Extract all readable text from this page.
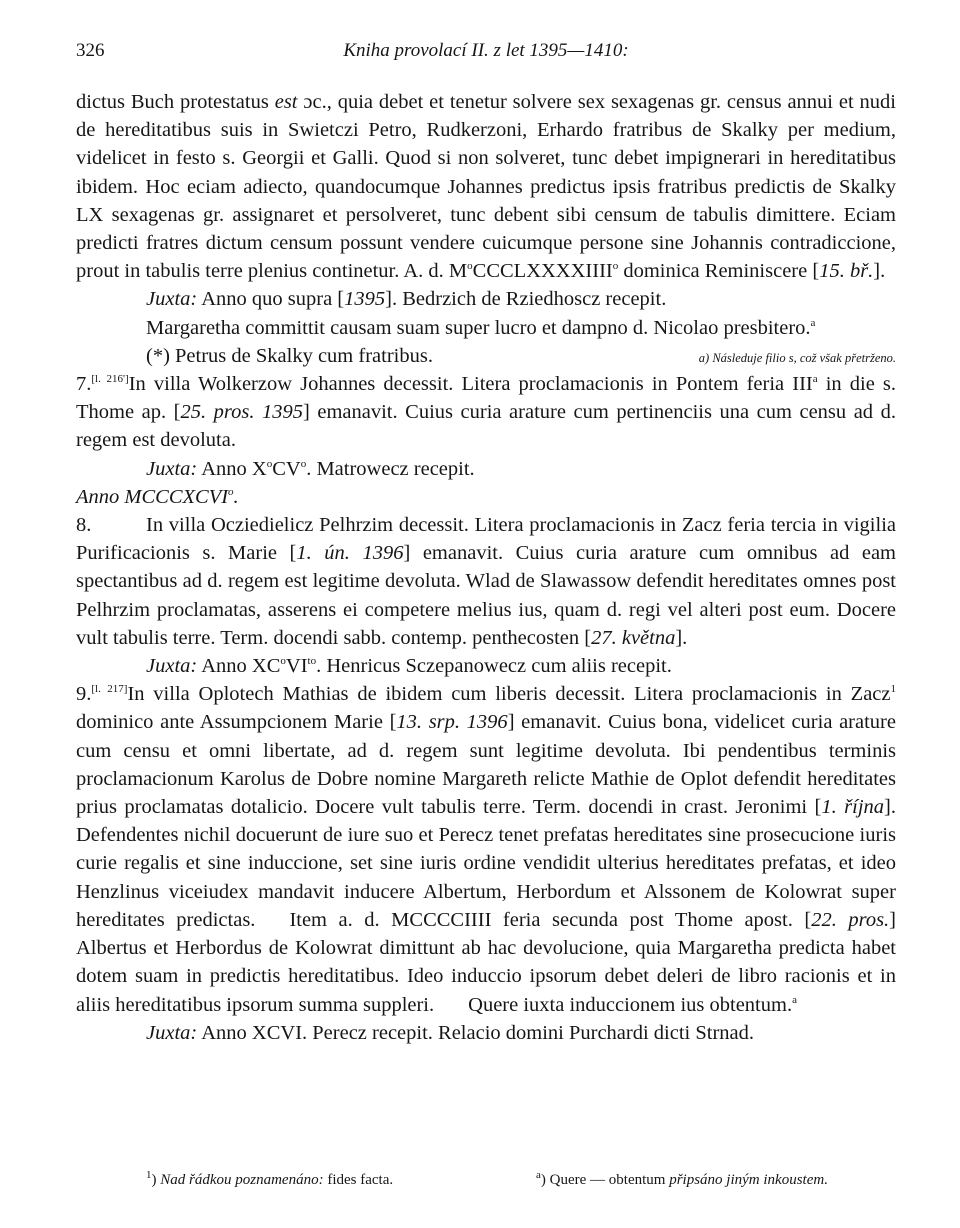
326	Kniha provolací II. z let 1395—1410:

dictus Buch protestatus est ɔc., quia debet et tenetur solvere sex sexagenas gr. census annui et nudi de hereditatibus suis in Swietczi Petro, Rudkerzoni, Erhardo fratribus de Skalky per medium, videlicet in festo s. Georgii et Galli. Quod si non solveret, tunc debet impignerari in hereditatibus ibidem. Hoc eciam adiecto, quandocumque Johannes predictus ipsis fratribus predictis de Skalky LX sexagenas gr. assignaret et persolveret, tunc debent sibi censum de tabulis dimittere. Eciam predicti fratres dictum censum possunt vendere cuicumque persone sine Johannis contradiccione, prout in tabulis terre plenius continetur. A. d. $M^oCCCLXXXXIIII^o$ dominica Reminiscere [15. bř.].

Juxta: Anno quo supra [1395]. Bedrzich de Rziedhoscz recepit.

Margaretha committit causam suam super lucro et dampno d. Nicolao presbitero.$^a$

(*) Petrus de Skalky cum fratribus.	a) Následuje filio s, což však přetrženo.

7.[l. 216']In villa Wolkerzow Johannes decessit. Litera proclamacionis in Pontem feria III$^a$ in die s. Thome ap. [25. pros. 1395] emanavit. Cuius curia arature cum pertinenciis una cum censu ad d. regem est devoluta.

Juxta: Anno $X^oCV^o$. Matrowecz recepit.

Anno MCCCXCVI$^o$.

8.	In villa Ocziedielicz Pelhrzim decessit. Litera proclamacionis in Zacz feria tercia in vigilia Purificacionis s. Marie [1. ún. 1396] emanavit. Cuius curia arature cum omnibus ad eam spectantibus ad d. regem est legitime devoluta. Wlad de Slawassow defendit hereditates omnes post Pelhrzim proclamatas, asserens ei competere melius ius, quam d. regi vel alteri post eum. Docere vult tabulis terre. Term. docendi sabb. contemp. penthecosten [27. května].

Juxta: Anno $XC^oVI^{to}$. Henricus Sczepanowecz cum aliis recepit.

9.[l. 217]In villa Oplotech Mathias de ibidem cum liberis decessit. Litera proclamacionis in Zacz$^1$ dominico ante Assumpcionem Marie [13. srp. 1396] emanavit. Cuius bona, videlicet curia arature cum censu et omni libertate, ad d. regem sunt legitime devoluta. Ibi pendentibus terminis proclamacionum Karolus de Dobre nomine Margareth relicte Mathie de Oplot defendit hereditates prius proclamatas dotalicio. Docere vult tabulis terre. Term. docendi in crast. Jeronimi [1. října]. Defendentes nichil docuerunt de iure suo et Perecz tenet prefatas hereditates sine prosecucione iuris curie regalis et sine induccione, set sine iuris ordine vendidit ulterius hereditates prefatas, et ideo Henzlinus viceiudex mandavit inducere Albertum, Herbordum et Alssonem de Kolowrat super hereditates predictas. Item a. d. MCCCCIIII feria secunda post Thome apost. [22. pros.] Albertus et Herbordus de Kolowrat dimittunt ab hac devolucione, quia Margaretha predicta habet dotem suam in predictis hereditatibus. Ideo induccio ipsorum debet deleri de libro racionis et in aliis hereditatibus ipsorum summa suppleri. Quere iuxta induccionem ius obtentum.$^a$

Juxta: Anno XCVI. Perecz recepit. Relacio domini Purchardi dicti Strnad.

$^1$) Nad řádkou poznamenáno: fides facta.	$^a$) Quere — obtentum připsáno jiným inkoustem.
